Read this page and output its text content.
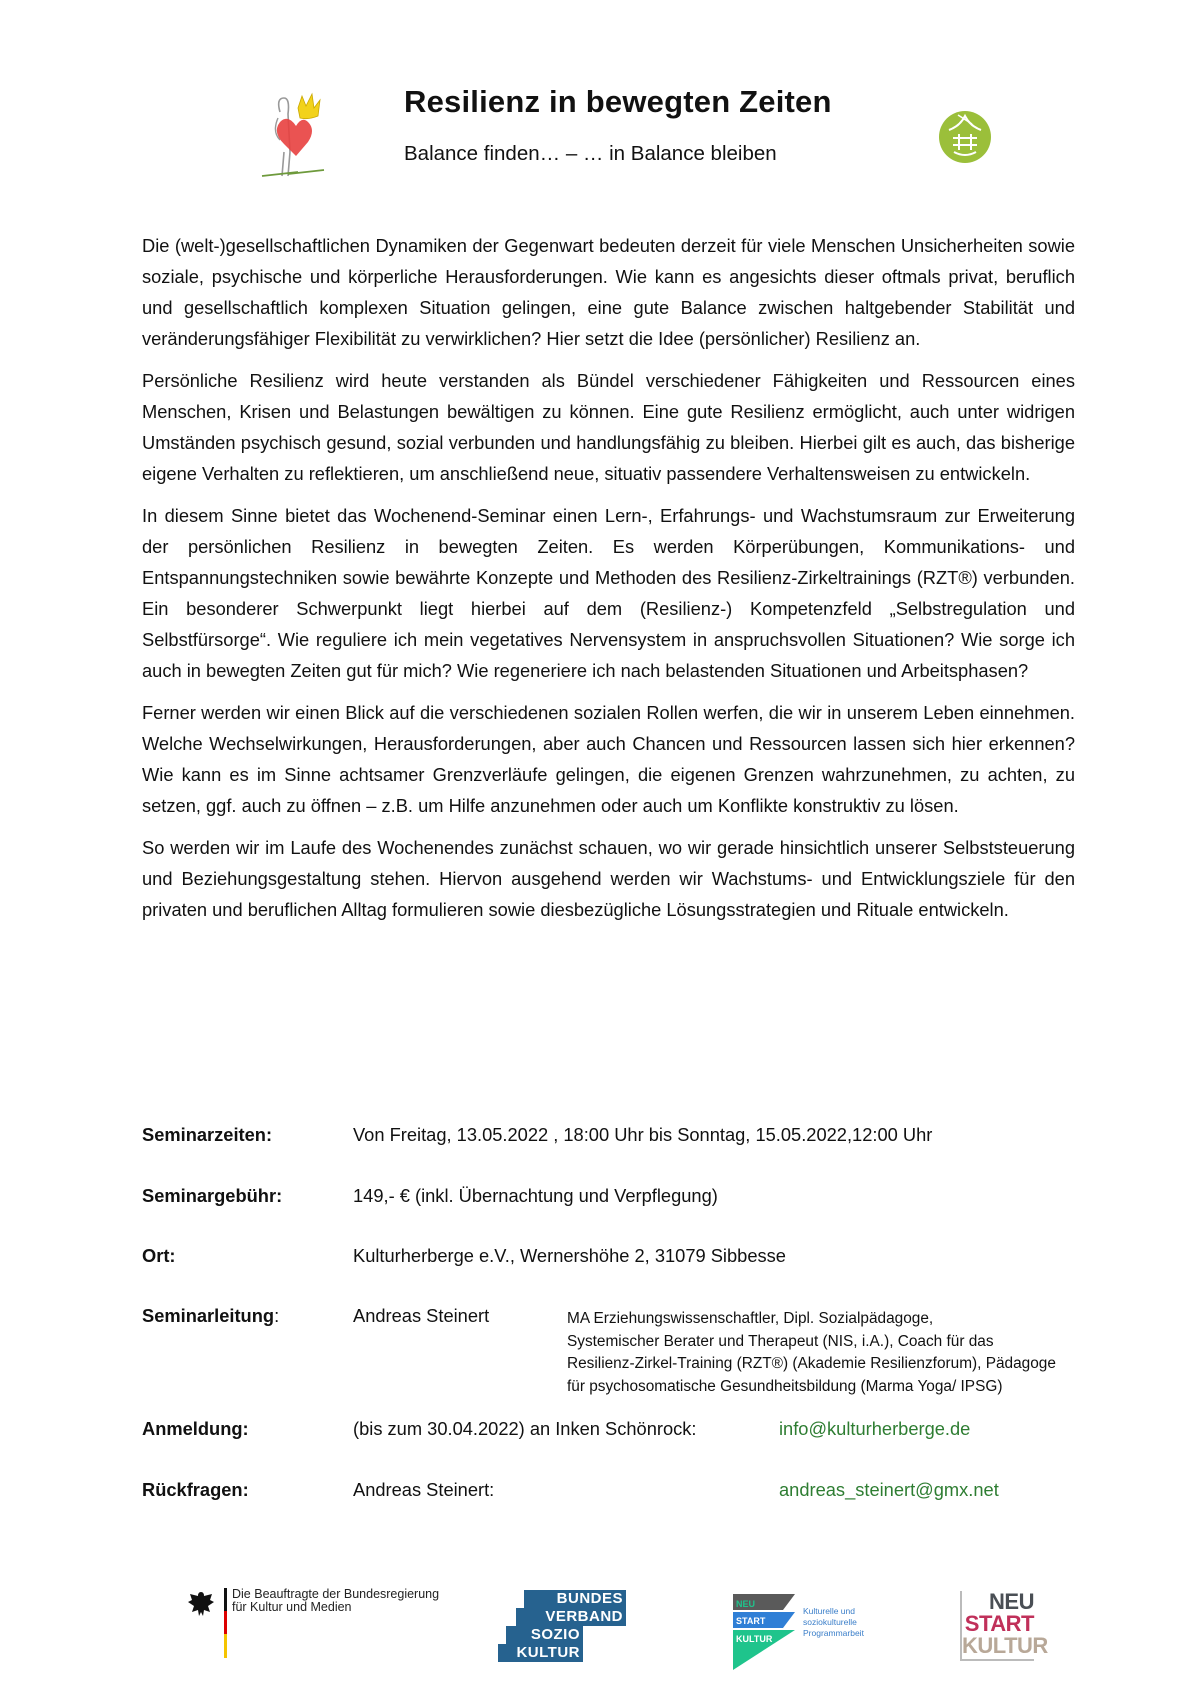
Resilienz in bewegten Zeiten
Balance finden… – … in Balance bleiben

Die (welt-)gesellschaftlichen Dynamiken der Gegenwart bedeuten derzeit für viele Menschen Unsicherheiten sowie soziale, psychische und körperliche Herausforderungen. Wie kann es angesichts dieser oftmals privat, beruflich und gesellschaftlich komplexen Situation gelingen, eine gute Balance zwischen haltgebender Stabilität und veränderungsfähiger Flexibilität zu verwirklichen? Hier setzt die Idee (persönlicher) Resilienz an.

Persönliche Resilienz wird heute verstanden als Bündel verschiedener Fähigkeiten und Ressourcen eines Menschen, Krisen und Belastungen bewältigen zu können. Eine gute Resilienz ermöglicht, auch unter widrigen Umständen psychisch gesund, sozial verbunden und handlungsfähig zu bleiben. Hierbei gilt es auch, das bisherige eigene Verhalten zu reflektieren, um anschließend neue, situativ passendere Verhaltensweisen zu entwickeln.

In diesem Sinne bietet das Wochenend-Seminar einen Lern-, Erfahrungs- und Wachstumsraum zur Erweiterung der persönlichen Resilienz in bewegten Zeiten. Es werden Körperübungen, Kommunikations- und Entspannungstechniken sowie bewährte Konzepte und Methoden des Resilienz-Zirkeltrainings (RZT®) verbunden. Ein besonderer Schwerpunkt liegt hierbei auf dem (Resilienz-) Kompetenzfeld „Selbstregulation und Selbstfürsorge“. Wie reguliere ich mein vegetatives Nervensystem in anspruchsvollen Situationen? Wie sorge ich auch in bewegten Zeiten gut für mich? Wie regeneriere ich nach belastenden Situationen und Arbeitsphasen?

Ferner werden wir einen Blick auf die verschiedenen sozialen Rollen werfen, die wir in unserem Leben einnehmen. Welche Wechselwirkungen, Herausforderungen, aber auch Chancen und Ressourcen lassen sich hier erkennen? Wie kann es im Sinne achtsamer Grenzverläufe gelingen, die eigenen Grenzen wahrzunehmen, zu achten, zu setzen, ggf. auch zu öffnen – z.B. um Hilfe anzunehmen oder auch um Konflikte konstruktiv zu lösen.

So werden wir im Laufe des Wochenendes zunächst schauen, wo wir gerade hinsichtlich unserer Selbststeuerung und Beziehungsgestaltung stehen. Hiervon ausgehend werden wir Wachstums- und Entwicklungsziele für den privaten und beruflichen Alltag formulieren sowie diesbezügliche Lösungsstrategien und Rituale entwickeln.

Seminarzeiten:	Von Freitag, 13.05.2022 , 18:00 Uhr bis Sonntag, 15.05.2022,12:00 Uhr
Seminargebühr:	149,- € (inkl. Übernachtung und Verpflegung)
Ort:	Kulturherberge e.V., Wernershöhe 2, 31079 Sibbesse
Seminarleitung:	Andreas Steinert	MA Erziehungswissenschaftler, Dipl. Sozialpädagoge,
Systemischer Berater und Therapeut (NIS, i.A.), Coach für das
Resilienz-Zirkel-Training (RZT®) (Akademie Resilienzforum), Pädagoge
für psychosomatische Gesundheitsbildung (Marma Yoga/ IPSG)
Anmeldung:	(bis zum 30.04.2022) an Inken Schönrock:	info@kulturherberge.de
Rückfragen:	Andreas Steinert:	andreas_steinert@gmx.net
Die Beauftragte der Bundesregierung
für Kultur und Medien	BUNDES
VERBAND
SOZIO
KULTUR
NEU
START
KULTUR
Kulturelle und
soziokulturelle
Programmarbeit
NEU
START
KULTUR
